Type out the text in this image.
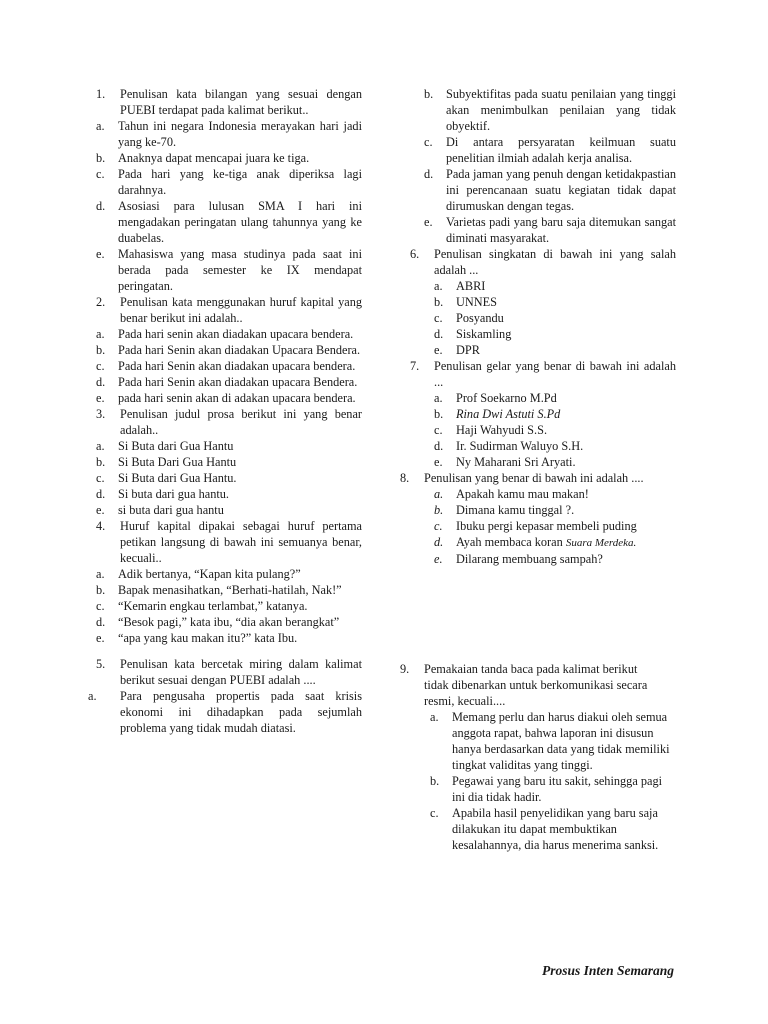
1. Penulisan kata bilangan yang sesuai dengan PUEBI terdapat pada kalimat berikut..
a. Tahun ini negara Indonesia merayakan hari jadi yang ke-70.
b. Anaknya dapat mencapai juara ke tiga.
c. Pada hari yang ke-tiga anak diperiksa lagi darahnya.
d. Asosiasi para lulusan SMA I hari ini mengadakan peringatan ulang tahunnya yang ke duabelas.
e. Mahasiswa yang masa studinya pada saat ini berada pada semester ke IX mendapat peringatan.
2. Penulisan kata menggunakan huruf kapital yang benar berikut ini adalah..
a. Pada hari senin akan diadakan upacara bendera.
b. Pada hari Senin akan diadakan Upacara Bendera.
c. Pada hari Senin akan diadakan upacara bendera.
d. Pada hari Senin akan diadakan upacara Bendera.
e. pada hari senin akan di adakan upacara bendera.
3. Penulisan judul prosa berikut ini yang benar adalah..
a. Si Buta dari Gua Hantu
b. Si Buta Dari Gua Hantu
c. Si Buta dari Gua Hantu.
d. Si buta dari gua hantu.
e. si buta dari gua hantu
4. Huruf kapital dipakai sebagai huruf pertama petikan langsung di bawah ini semuanya benar, kecuali..
a. Adik bertanya, “Kapan kita pulang?”
b. Bapak menasihatkan, “Berhati-hatilah, Nak!”
c. “Kemarin engkau terlambat,” katanya.
d. “Besok pagi,” kata ibu, “dia akan berangkat”
e. “apa yang kau makan itu?” kata Ibu.
5. Penulisan kata bercetak miring dalam kalimat berikut sesuai dengan PUEBI adalah ....
a. Para pengusaha propertis pada saat krisis ekonomi ini dihadapkan pada sejumlah problema yang tidak mudah diatasi.
b. Subyektifitas pada suatu penilaian yang tinggi akan menimbulkan penilaian yang tidak obyektif.
c. Di antara persyaratan keilmuan suatu penelitian ilmiah adalah kerja analisa.
d. Pada jaman yang penuh dengan ketidakpastian ini perencanaan suatu kegiatan tidak dapat dirumuskan dengan tegas.
e. Varietas padi yang baru saja ditemukan sangat diminati masyarakat.
6. Penulisan singkatan di bawah ini yang salah adalah ...
a. ABRI
b. UNNES
c. Posyandu
d. Siskamling
e. DPR
7. Penulisan gelar yang benar di bawah ini adalah ...
a. Prof Soekarno M.Pd
b. Rina Dwi Astuti S.Pd
c. Haji Wahyudi S.S.
d. Ir. Sudirman Waluyo S.H.
e. Ny Maharani Sri Aryati.
8. Penulisan yang benar di bawah ini adalah ....
a. Apakah kamu mau makan!
b. Dimana kamu tinggal ?.
c. Ibuku pergi kepasar membeli puding
d. Ayah membaca koran Suara Merdeka.
e. Dilarang membuang sampah?
9. Pemakaian tanda baca pada kalimat berikut tidak dibenarkan untuk berkomunikasi secara resmi, kecuali....
a. Memang perlu dan harus diakui oleh semua anggota rapat, bahwa laporan ini disusun hanya berdasarkan data yang tidak memiliki tingkat validitas yang tinggi.
b. Pegawai yang baru itu sakit, sehingga pagi ini dia tidak hadir.
c. Apabila hasil penyelidikan yang baru saja dilakukan itu dapat membuktikan kesalahannya, dia harus menerima sanksi.
Prosus Inten Semarang
